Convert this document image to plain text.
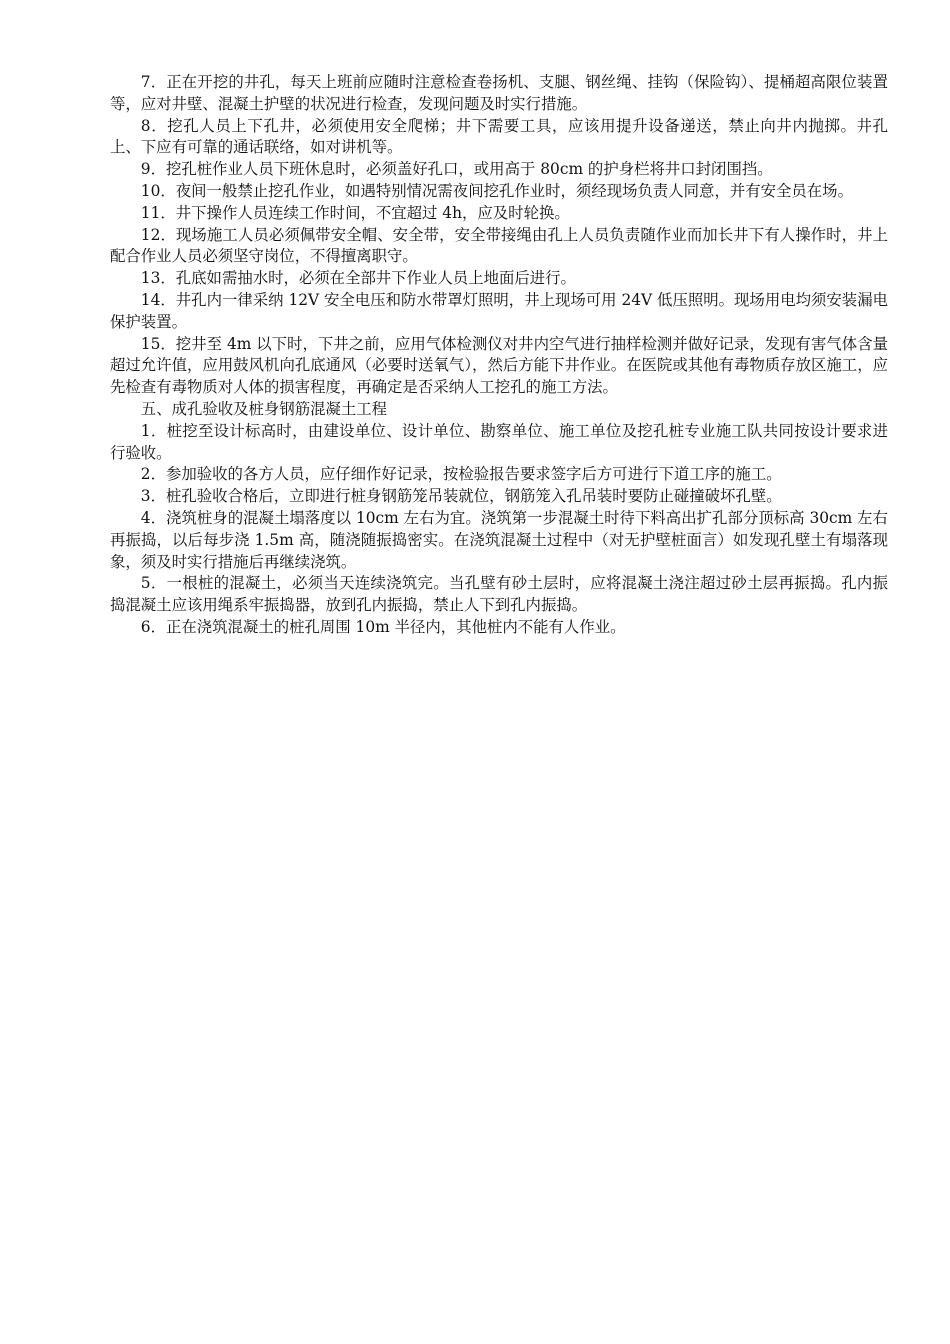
7．正在开挖的井孔，每天上班前应随时注意检查卷扬机、支腿、钢丝绳、挂钩（保险钩）、提桶超高限位装置等，应对井壁、混凝土护壁的状况进行检查，发现问题及时实行措施。

8．挖孔人员上下孔井，必须使用安全爬梯；井下需要工具，应该用提升设备递送，禁止向井内抛掷。井孔上、下应有可靠的通话联络，如对讲机等。

9．挖孔桩作业人员下班休息时，必须盖好孔口，或用高于 80cm 的护身栏将井口封闭围挡。

10．夜间一般禁止挖孔作业，如遇特别情况需夜间挖孔作业时，须经现场负责人同意，并有安全员在场。

11．井下操作人员连续工作时间，不宜超过 4h，应及时轮换。

12．现场施工人员必须佩带安全帽、安全带，安全带接绳由孔上人员负责随作业而加长井下有人操作时，井上配合作业人员必须坚守岗位，不得擅离职守。

13．孔底如需抽水时，必须在全部井下作业人员上地面后进行。

14．井孔内一律采纳 12V 安全电压和防水带罩灯照明，井上现场可用 24V 低压照明。现场用电均须安装漏电保护装置。

15．挖井至 4m 以下时，下井之前，应用气体检测仪对井内空气进行抽样检测并做好记录，发现有害气体含量超过允许值，应用鼓风机向孔底通风（必要时送氧气），然后方能下井作业。在医院或其他有毒物质存放区施工，应先检查有毒物质对人体的损害程度，再确定是否采纳人工挖孔的施工方法。

五、成孔验收及桩身钢筋混凝土工程

1．桩挖至设计标高时，由建设单位、设计单位、勘察单位、施工单位及挖孔桩专业施工队共同按设计要求进行验收。

2．参加验收的各方人员，应仔细作好记录，按检验报告要求签字后方可进行下道工序的施工。

3．桩孔验收合格后，立即进行桩身钢筋笼吊装就位，钢筋笼入孔吊装时要防止碰撞破坏孔壁。

4．浇筑桩身的混凝土塌落度以 10cm 左右为宜。浇筑第一步混凝土时待下料高出扩孔部分顶标高 30cm 左右再振捣，以后每步浇 1.5m 高，随浇随振捣密实。在浇筑混凝土过程中（对无护壁桩面言）如发现孔壁土有塌落现象，须及时实行措施后再继续浇筑。

5．一根桩的混凝土，必须当天连续浇筑完。当孔壁有砂土层时，应将混凝土浇注超过砂土层再振捣。孔内振捣混凝土应该用绳系牢振捣器，放到孔内振捣，禁止人下到孔内振捣。

6．正在浇筑混凝土的桩孔周围 10m 半径内，其他桩内不能有人作业。
